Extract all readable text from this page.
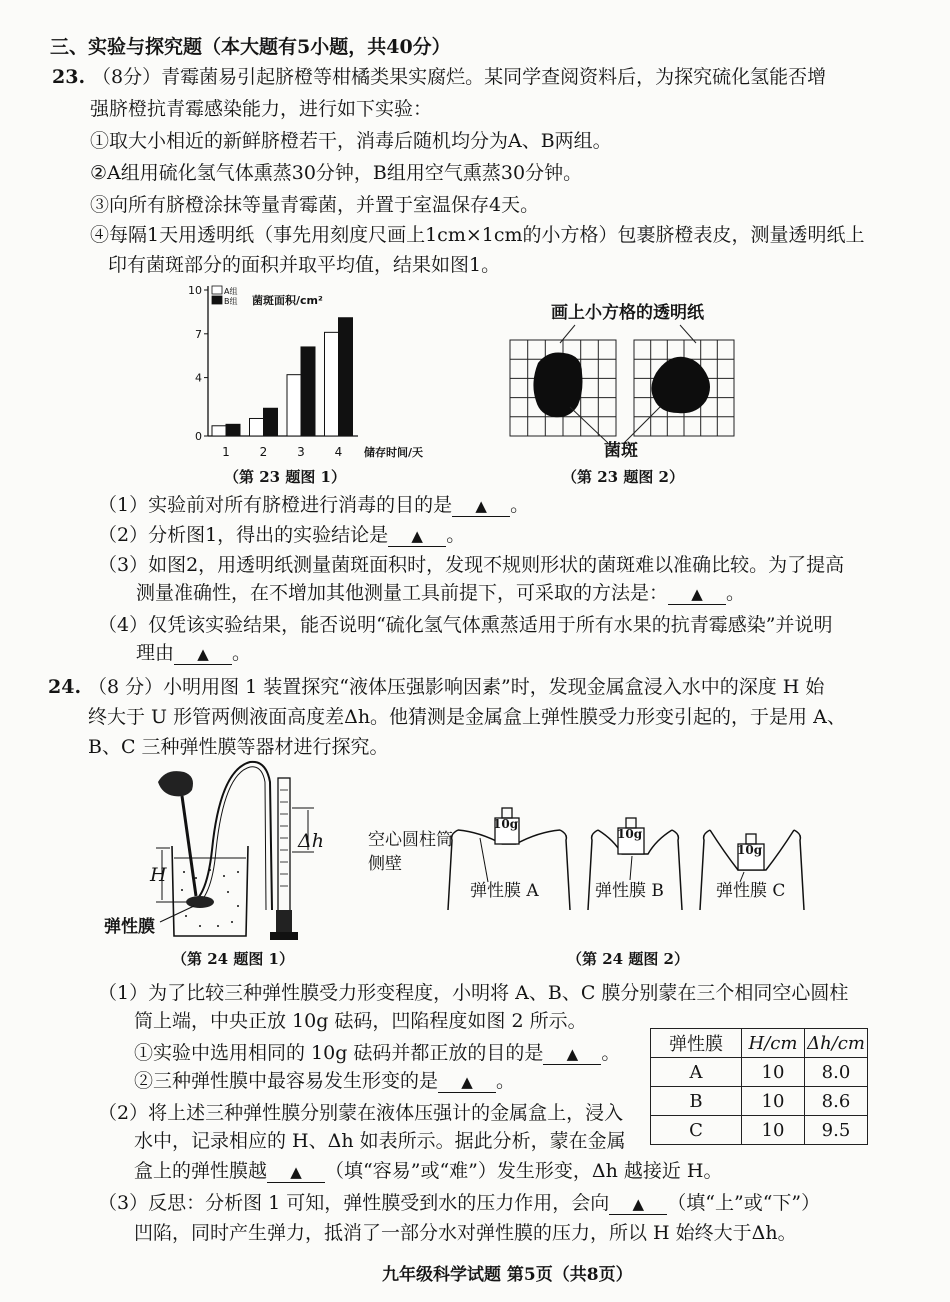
三、实验与探究题（本大题有5小题，共40分）
23. （8分）青霉菌易引起脐橙等柑橘类果实腐烂。某同学查阅资料后，为探究硫化氢能否增
强脐橙抗青霉感染能力，进行如下实验：
①取大小相近的新鲜脐橙若干，消毒后随机均分为A、B两组。
②A组用硫化氢气体熏蒸30分钟，B组用空气熏蒸30分钟。
③向所有脐橙涂抹等量青霉菌，并置于室温保存4天。
④每隔1天用透明纸（事先用刻度尺画上1cm×1cm的小方格）包裹脐橙表皮，测量透明纸上
印有菌斑部分的面积并取平均值，结果如图1。
0
4
7
10
1 2 3 4 储存时间/天
菌斑面积/cm²
A组
B组
（第 23 题图 1）
画上小方格的透明纸
菌斑
（第 23 题图 2）
（1）实验前对所有脐橙进行消毒的目的是 ▲ 。
（2）分析图1，得出的实验结论是 ▲ 。
（3）如图2，用透明纸测量菌斑面积时，发现不规则形状的菌斑难以准确比较。为了提高
测量准确性，在不增加其他测量工具前提下，可采取的方法是： ▲ 。
（4）仅凭该实验结果，能否说明“硫化氢气体熏蒸适用于所有水果的抗青霉感染”并说明
理由 ▲ 。
24. （8 分）小明用图 1 装置探究“液体压强影响因素”时，发现金属盒浸入水中的深度 H 始
终大于 U 形管两侧液面高度差Δh。他猜测是金属盒上弹性膜受力形变引起的，于是用 A、
B、C 三种弹性膜等器材进行探究。
H
Δh
弹性膜
（第 24 题图 1）
10g
10g
10g
空心圆柱筒侧壁
弹性膜 A	弹性膜 B	弹性膜 C
（第 24 题图 2）
（1）为了比较三种弹性膜受力形变程度，小明将 A、B、C 膜分别蒙在三个相同空心圆柱
筒上端，中央正放 10g 砝码，凹陷程度如图 2 所示。
①实验中选用相同的 10g 砝码并都正放的目的是 ▲ 。
②三种弹性膜中最容易发生形变的是 ▲ 。
（2）将上述三种弹性膜分别蒙在液体压强计的金属盒上，浸入
水中，记录相应的 H、Δh 如表所示。据此分析，蒙在金属
盒上的弹性膜越 ▲ （填“容易”或“难”）发生形变，Δh 越接近 H。
（3）反思：分析图 1 可知，弹性膜受到水的压力作用，会向 ▲ （填“上”或“下”）
凹陷，同时产生弹力，抵消了一部分水对弹性膜的压力，所以 H 始终大于Δh。
弹性膜	H/cm	Δh/cm
A	10	8.0
B	10	8.6
C	10	9.5
九年级科学试题 第5页（共8页）
